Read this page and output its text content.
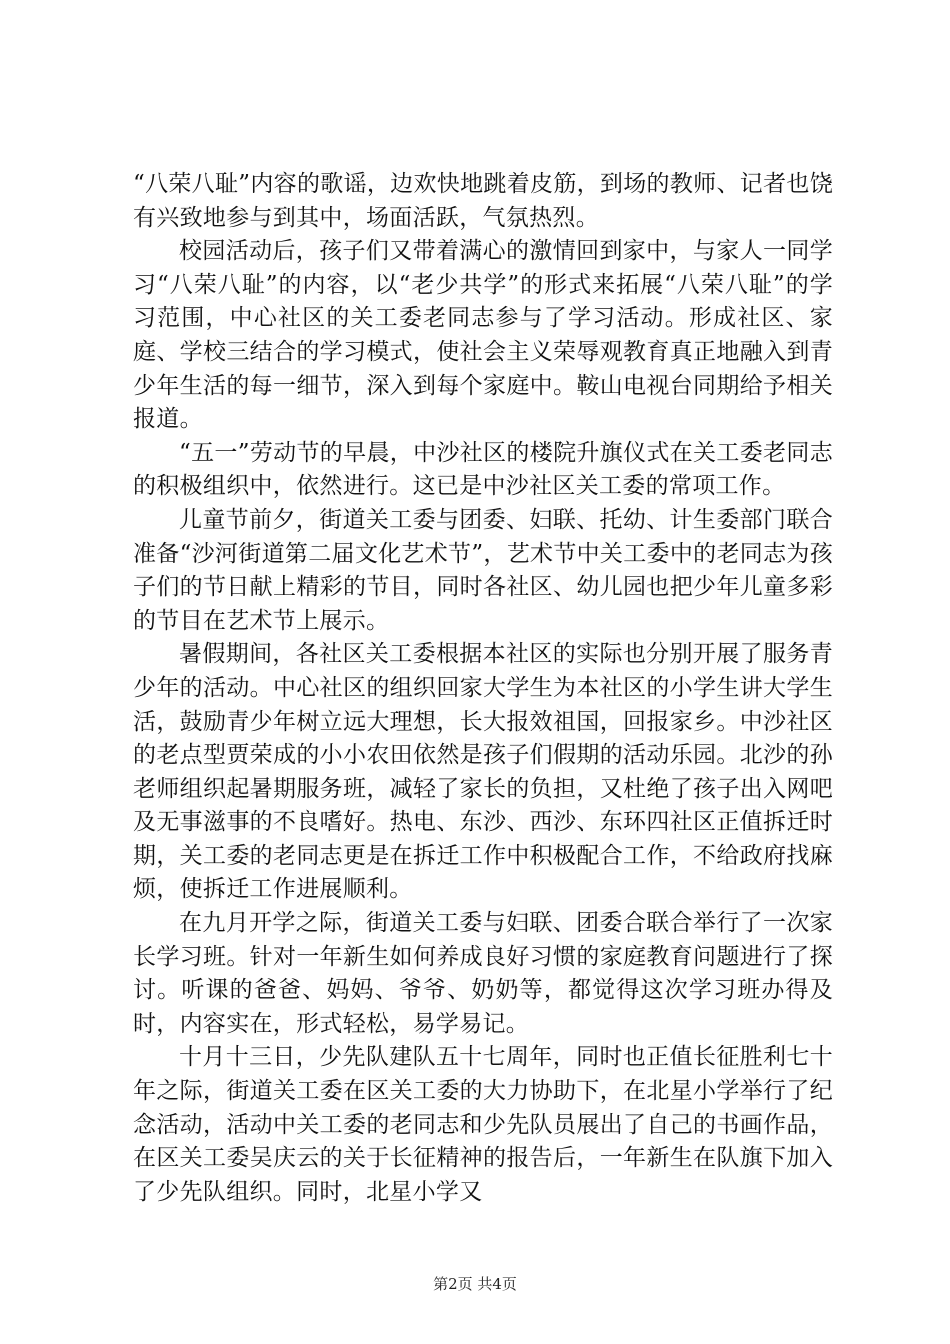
“八荣八耻”内容的歌谣，边欢快地跳着皮筋，到场的教师、记者也饶有兴致地参与到其中，场面活跃，气氛热烈。

校园活动后，孩子们又带着满心的激情回到家中，与家人一同学习“八荣八耻”的内容，以“老少共学”的形式来拓展“八荣八耻”的学习范围，中心社区的关工委老同志参与了学习活动。形成社区、家庭、学校三结合的学习模式，使社会主义荣辱观教育真正地融入到青少年生活的每一细节，深入到每个家庭中。鞍山电视台同期给予相关报道。

“五一”劳动节的早晨，中沙社区的楼院升旗仪式在关工委老同志的积极组织中，依然进行。这已是中沙社区关工委的常项工作。

儿童节前夕，街道关工委与团委、妇联、托幼、计生委部门联合准备“沙河街道第二届文化艺术节”，艺术节中关工委中的老同志为孩子们的节日献上精彩的节目，同时各社区、幼儿园也把少年儿童多彩的节目在艺术节上展示。

暑假期间，各社区关工委根据本社区的实际也分别开展了服务青少年的活动。中心社区的组织回家大学生为本社区的小学生讲大学生活，鼓励青少年树立远大理想，长大报效祖国，回报家乡。中沙社区的老点型贾荣成的小小农田依然是孩子们假期的活动乐园。北沙的孙老师组织起暑期服务班，减轻了家长的负担，又杜绝了孩子出入网吧及无事滋事的不良嗜好。热电、东沙、西沙、东环四社区正值拆迁时期，关工委的老同志更是在拆迁工作中积极配合工作，不给政府找麻烦，使拆迁工作进展顺利。

在九月开学之际，街道关工委与妇联、团委合联合举行了一次家长学习班。针对一年新生如何养成良好习惯的家庭教育问题进行了探讨。听课的爸爸、妈妈、爷爷、奶奶等，都觉得这次学习班办得及时，内容实在，形式轻松，易学易记。

十月十三日，少先队建队五十七周年，同时也正值长征胜利七十年之际，街道关工委在区关工委的大力协助下，在北星小学举行了纪念活动，活动中关工委的老同志和少先队员展出了自己的书画作品，在区关工委吴庆云的关于长征精神的报告后，一年新生在队旗下加入了少先队组织。同时，北星小学又

第2页 共4页
